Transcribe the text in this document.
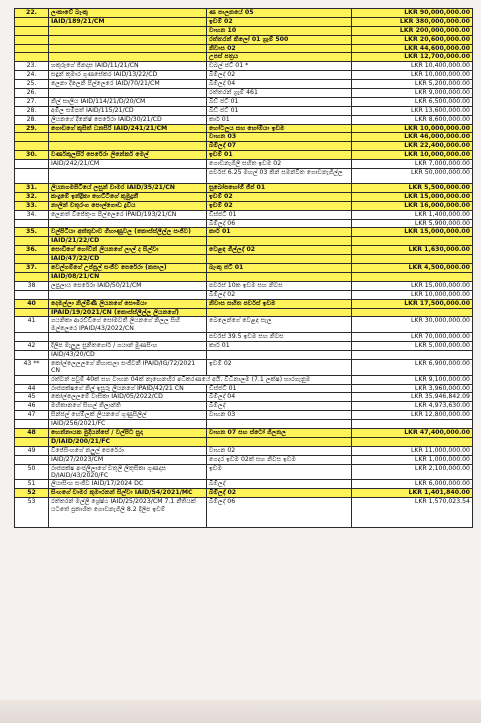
22.	ලංකාවේ බැංකු	ණ පාලනයේ 05	LKR 90,000,000.00
	IAID/189/21/CM	ඉඩම් 02	LKR 380,000,000.00
		වාහන 10	LKR 200,000,000.00
		රත්තරන් කිලෝ 01 ග්‍රෑම් 500	LKR 20,600,000.00
		නිවාස 02	LKR 44,600,000.00
		උපස් පත්‍රය	LKR 12,700,000.00
23.	හකුරුගේ ජිනදාස IAID/11/21/CN	ඩබල් ජට් 01 *	LKR 10,400,000.00
24.	සඳුන් කුමාර ගුණසේකර IAID/13/22/CD	බිම්ලද් 02	LKR 10,000,000.00
25.	ලෙනා දිලෙනි පිල්ලෙරෙ IAID/70/21/CM	බිම්ලද් 04	LKR 5,200,000.00
26.		රත්තරන් ග්‍රෑම් 461	LKR 9,000,000.00
27.	නිල් සාලිය IAID/114/21/D/20/CM	බිඩ් ජට් 01	LKR 6,500,000.00
28.	අමිල සමීපත් IAID/115/21/CD	බිඩ් ජට් 01	LKR 13,600,000.00
28.	ලියනගේ දිනේෂ් පෙරේරා IAID/30/21/CD	කාර් 01	LKR 8,600,000.00
29.	ගොඩගේ කුසිත් ධනසිරි IAID/241/21/CM	හෝටලය සහ හෝමියා ඉඩම	LKR 10,000,000.00
		වාහන 03	LKR 46,000,000.00
		බිම්ලද් 07	LKR 22,400,000.00
30.	වර්ණකුලසිරි පෙරේරා ලිනේකර් මෙල්	ඉඩම් 01	LKR 10,000,000.00
	IAID/242/21/CM	ගොඩනැගිලි සහිත ඉඩම 02	LKR 7,000,000.00
		පර්චස් 6.25 මහල් 03 කින් සමන්විත ගොඩනැගිල්ල	LKR 50,000,000.00
31.	ලියනගමපිටියේ ලසුන් චාමර IAID/35/21/CN	සුඛෝපභෝගී ජීප් 01	LKR 5,500,000.00
32.	කංදුමේ ඉන්ද්‍රිකා හෙට්ටිගේ කුමුදුනී	ඉඩම් 02	LKR 15,000,000.00
33.	නාලින් චතුරංග පොල්ගොඩ ද්‍රවිය	ඉඩම් 02	LKR 16,000,000.00
34.	ලෙනත් විජේතුංග පිල්ලෙරෙ IPAID/193/21/CN	ඩිස්ජට් 01	LKR 1,400,000.00
		බිම්ලද් 06	LKR 5,900,000.00
35.	වල්පිටියා අත්තුඩාව ගිහාණුවල (කොස්ස්ලීල්ල සංජීව)	කාර් 01	LKR 15,000,000.00
	IAID/21/22/CD		
36.	සොඩිගේ ගෝවින් ලියනගේ ලාල් ද සිල්වා	වෙළඳ ගීල්ලද් 02	LKR 1,630,000.00
	IAID/47/22/CD		
37.	වෙල්ගම්ගේ උප්පුල් සංජීව පෙරේරා (කපාල)	බැංකු ජට් 01	LKR 4,500,000.00
	IAID/08/21/CN		
38	ලපුලාය පෙරේරා IAID/50/21/CM	පර්චස් 10ක ඉඩම සහ නිවස	LKR 15,000,000.00
		බිම්ලද් 02	LKR 10,000,000.00
40	දෙමල්ලා නිල්මිණී ලියනගේ සෞමියා	නිවාස සහිත පර්චස් ඉඩම	LKR 17,500,000.00
	IPAID/19/2021/CN (කොස්ස්ලීල්ල ලියනගේ)		
41	ගයනිකා ආරච්චිගේ සෝමවතී ලියනගේ නිලල සිහි මල්ලෙරෙ IPAID/43/2022/CN	බෙලෙන්ගේ වෙළඳ සැල	LKR 30,000,000.00
		පර්චස් 39.5 ඉඩම සහ නිවස	LKR 70,000,000.00
42	දිලිප මැලුල සුනිතගෝර් / ගයාන් මුණසිංහ	කාර් 01	LKR 5,000,000.00
	IAID/43/20/CD		
43 **	කෝල්ලෙලලගේ නිහාසලා සංජීවනී IPAID/IG/72/2021 CN	ඉඩම් 02	LKR 6,900,000.00
	රත්වන් පවුම් 40ක් සහ වාහන 04ක් නැඟෙනහිර අධිකරණයේ අයි. විධිනාලම (7.1 ලක්ෂ) භාරගැනුම		LKR 9,100,000.00
44	රාජපක්ෂගේ නිල් ඉසුරු ලියනගේ IPAID/42/21 CN	ඩිස්ජට් 01	LKR 3,960,000.00
45	කෝල්ලෙලමේ වාසිකා IAID/05/2022/CD	බිම්ලද් 04	LKR 35,946,842.09
46	මහිකානගේ සිහල් නිලාන්ති	බිම්ලද්	LKR 4,973,630.00
47	සින්ජල් හේමිලක් ලියනගේ ගුණුසිලිල්	වාහන 03	LKR 12,800,000.00
	IAID/256/2021/FC		
48	හෙන්නායක මුදියන්සේ / වල්පිට සුදා	වාහන 07 සහ ස්ටෝ ගිලනල	LKR 47,400,000.00
	D/IAID/200/21/FC		
49	විජේසිංහගේ නලුල් පෙරේරා	වාහන 02	LKR 11,000,000.00
	IAID/27/2023/CM	ගෙදර ඉඩම 02ක් සහ නිවස ඉඩම	LKR 1,000,000.00
50	රාජපක්ෂ අංජලීලාගේ චතුලි ලිතුසිකා ගුණදාස D/IAID/43/2020/FC	ඉඩම	LKR 2,100,000.00
51	ලියාසිංහ සංජීව IAID/17/2024 DC	බිම්ලද්	LKR 6,000,000.00
52	සිංහගේ චාමර කුමාරනන් සිල්වා IAID/54/2021/MC	බිම්ලද් 02	LKR 1,401,840.00
53	රත්තරන් මල්ලි ශ්‍රේෂ්ඨ IAID/25/2023/CM 7.1 නීතියක් යටතේ ප්‍රකාශිත ගොඩනැගිලි 8.2 දිලීප ඉඩම්	බිම්ලද් 06	LKR 1,570,023.54
